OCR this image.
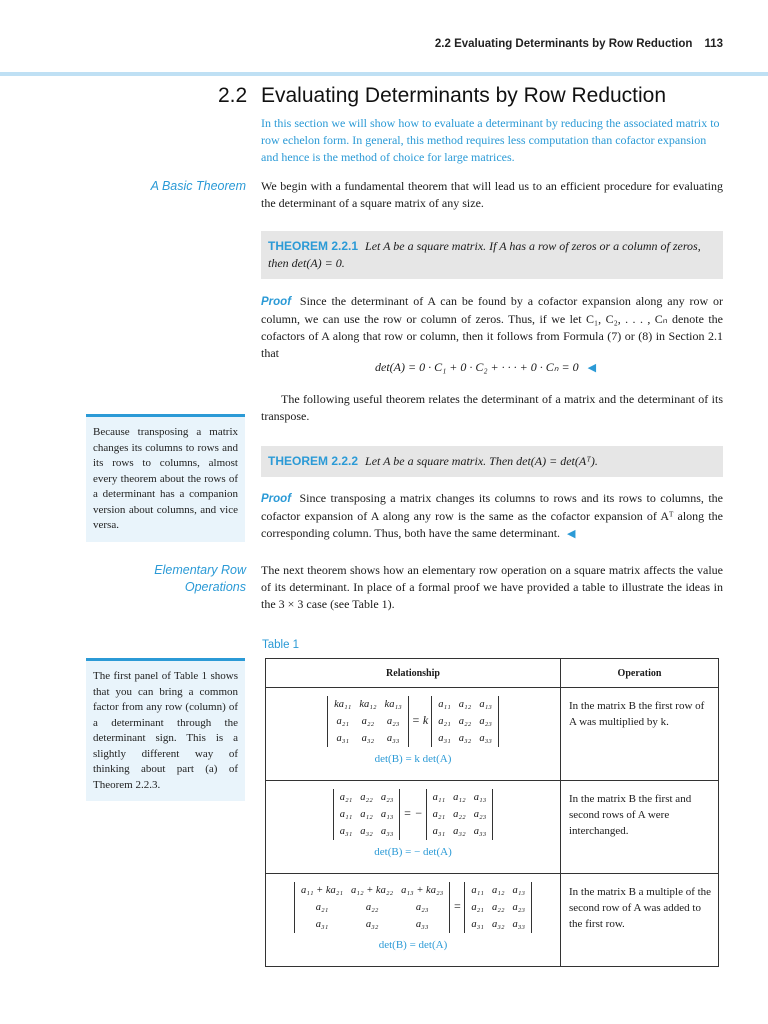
2.2 Evaluating Determinants by Row Reduction 113
2.2 Evaluating Determinants by Row Reduction
In this section we will show how to evaluate a determinant by reducing the associated matrix to row echelon form. In general, this method requires less computation than cofactor expansion and hence is the method of choice for large matrices.
A Basic Theorem We begin with a fundamental theorem that will lead us to an efficient procedure for evaluating the determinant of a square matrix of any size.
THEOREM 2.2.1 Let A be a square matrix. If A has a row of zeros or a column of zeros, then det(A) = 0.
Proof Since the determinant of A can be found by a cofactor expansion along any row or column, we can use the row or column of zeros. Thus, if we let C₁, C₂, . . . , Cₙ denote the cofactors of A along that row or column, then it follows from Formula (7) or (8) in Section 2.1 that
det(A) = 0 · C₁ + 0 · C₂ + · · · + 0 · Cₙ = 0 ◀
The following useful theorem relates the determinant of a matrix and the determinant of its transpose.
Because transposing a matrix changes its columns to rows and its rows to columns, almost every theorem about the rows of a determinant has a companion version about columns, and vice versa.
THEOREM 2.2.2 Let A be a square matrix. Then det(A) = det(Aᵀ).
Proof Since transposing a matrix changes its columns to rows and its rows to columns, the cofactor expansion of A along any row is the same as the cofactor expansion of Aᵀ along the corresponding column. Thus, both have the same determinant. ◀
Elementary Row
Operations
The next theorem shows how an elementary row operation on a square matrix affects the value of its determinant. In place of a formal proof we have provided a table to illustrate the ideas in the 3 × 3 case (see Table 1).
Table 1
The first panel of Table 1 shows that you can bring a common factor from any row (column) of a determinant through the determinant sign. This is a slightly different way of thinking about part (a) of Theorem 2.2.3.
Relationship	Operation

ka₁₁	ka₁₂	ka₁₃
a₂₁	a₂₂	a₂₃
a₃₁	a₃₂	a₃₃
= k
a₁₁	a₁₂	a₁₃
a₂₁	a₂₂	a₂₃
a₃₁	a₃₂	a₃₃
det(B) = k det(A)
	In the matrix B the first row of A was multiplied by k.

a₂₁	a₂₂	a₂₃
a₁₁	a₁₂	a₁₃
a₃₁	a₃₂	a₃₃
= −
a₁₁	a₁₂	a₁₃
a₂₁	a₂₂	a₂₃
a₃₁	a₃₂	a₃₃
det(B) = − det(A)
	In the matrix B the first and second rows of A were interchanged.

a₁₁ + ka₂₁	a₁₂ + ka₂₂	a₁₃ + ka₂₃
a₂₁	a₂₂	a₂₃
a₃₁	a₃₂	a₃₃
=
a₁₁	a₁₂	a₁₃
a₂₁	a₂₂	a₂₃
a₃₁	a₃₂	a₃₃
det(B) = det(A)
	In the matrix B a multiple of the second row of A was added to the first row.
